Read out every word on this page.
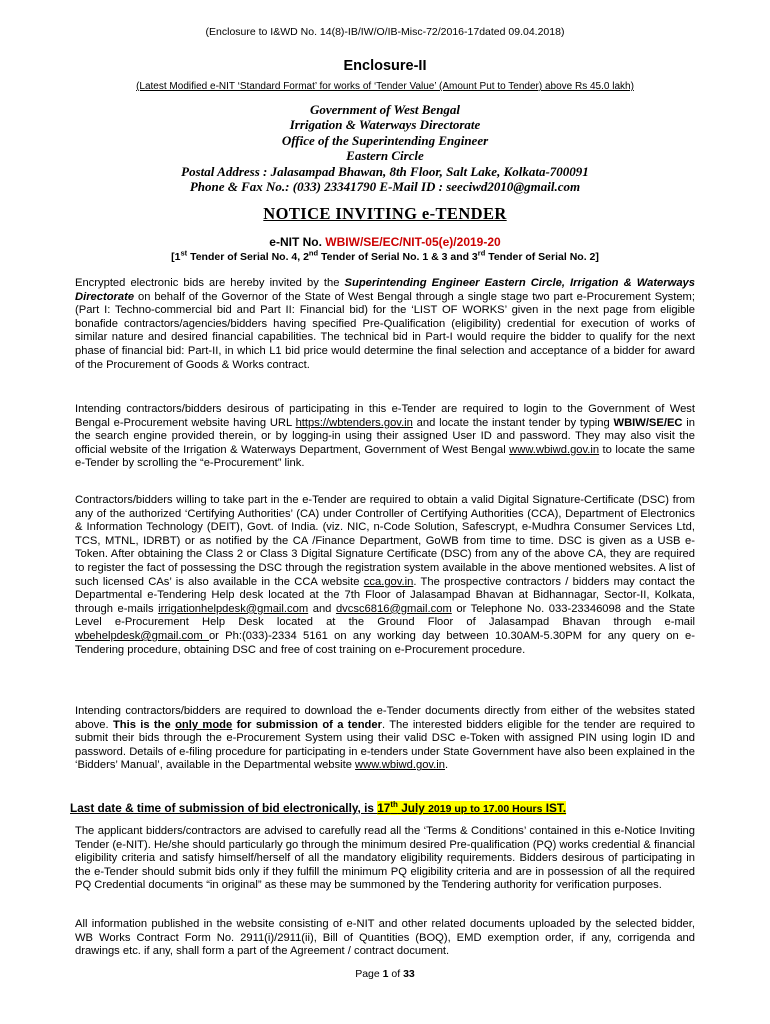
(Enclosure to I&WD No. 14(8)-IB/IW/O/IB-Misc-72/2016-17dated 09.04.2018)
Enclosure-II
(Latest Modified e-NIT ‘Standard Format’ for works of ‘Tender Value’ (Amount Put to Tender) above Rs 45.0 lakh)
Government of West Bengal
Irrigation & Waterways Directorate
Office of the Superintending Engineer
Eastern Circle
Postal Address : Jalasampad Bhawan, 8th Floor, Salt Lake, Kolkata-700091
Phone & Fax No.: (033) 23341790 E-Mail ID : seeciwd2010@gmail.com
NOTICE INVITING e-TENDER
e-NIT No. WBIW/SE/EC/NIT-05(e)/2019-20
[1st Tender of Serial No. 4, 2nd Tender of Serial No. 1 & 3 and 3rd Tender of Serial No. 2]
Encrypted electronic bids are hereby invited by the Superintending Engineer Eastern Circle, Irrigation & Waterways Directorate on behalf of the Governor of the State of West Bengal through a single stage two part e-Procurement System; (Part I: Techno-commercial bid and Part II: Financial bid) for the ‘LIST OF WORKS’ given in the next page from eligible bonafide contractors/agencies/bidders having specified Pre-Qualification (eligibility) credential for execution of works of similar nature and desired financial capabilities. The technical bid in Part-I would require the bidder to qualify for the next phase of financial bid: Part-II, in which L1 bid price would determine the final selection and acceptance of a bidder for award of the Procurement of Goods & Works contract.
Intending contractors/bidders desirous of participating in this e-Tender are required to login to the Government of West Bengal e-Procurement website having URL https://wbtenders.gov.in and locate the instant tender by typing WBIW/SE/EC in the search engine provided therein, or by logging-in using their assigned User ID and password. They may also visit the official website of the Irrigation & Waterways Department, Government of West Bengal www.wbiwd.gov.in to locate the same e-Tender by scrolling the “e-Procurement” link.
Contractors/bidders willing to take part in the e-Tender are required to obtain a valid Digital Signature-Certificate (DSC) from any of the authorized ‘Certifying Authorities’ (CA) under Controller of Certifying Authorities (CCA), Department of Electronics & Information Technology (DEIT), Govt. of India. (viz. NIC, n-Code Solution, Safescrypt, e-Mudhra Consumer Services Ltd, TCS, MTNL, IDRBT) or as notified by the CA /Finance Department, GoWB from time to time. DSC is given as a USB e-Token. After obtaining the Class 2 or Class 3 Digital Signature Certificate (DSC) from any of the above CA, they are required to register the fact of possessing the DSC through the registration system available in the above mentioned websites. A list of such licensed CAs’ is also available in the CCA website cca.gov.in. The prospective contractors / bidders may contact the Departmental e-Tendering Help desk located at the 7th Floor of Jalasampad Bhavan at Bidhannagar, Sector-II, Kolkata, through e-mails irrigationhelpdesk@gmail.com and dvcsc6816@gmail.com or Telephone No. 033-23346098 and the State Level e-Procurement Help Desk located at the Ground Floor of Jalasampad Bhavan through e-mail wbehelpdesk@gmail.com or Ph:(033)-2334 5161 on any working day between 10.30AM-5.30PM for any query on e-Tendering procedure, obtaining DSC and free of cost training on e-Procurement procedure.
Intending contractors/bidders are required to download the e-Tender documents directly from either of the websites stated above. This is the only mode for submission of a tender. The interested bidders eligible for the tender are required to submit their bids through the e-Procurement System using their valid DSC e-Token with assigned PIN using login ID and password. Details of e-filing procedure for participating in e-tenders under State Government have also been explained in the ‘Bidders’ Manual’, available in the Departmental website www.wbiwd.gov.in.
Last date & time of submission of bid electronically, is 17th July 2019 up to 17.00 Hours IST.
The applicant bidders/contractors are advised to carefully read all the ‘Terms & Conditions’ contained in this e-Notice Inviting Tender (e-NIT). He/she should particularly go through the minimum desired Pre-qualification (PQ) works credential & financial eligibility criteria and satisfy himself/herself of all the mandatory eligibility requirements. Bidders desirous of participating in the e-Tender should submit bids only if they fulfill the minimum PQ eligibility criteria and are in possession of all the required PQ Credential documents “in original” as these may be summoned by the Tendering authority for verification purposes.
All information published in the website consisting of e-NIT and other related documents uploaded by the selected bidder, WB Works Contract Form No. 2911(i)/2911(ii), Bill of Quantities (BOQ), EMD exemption order, if any, corrigenda and drawings etc. if any, shall form a part of the Agreement / contract document.
Page 1 of 33
